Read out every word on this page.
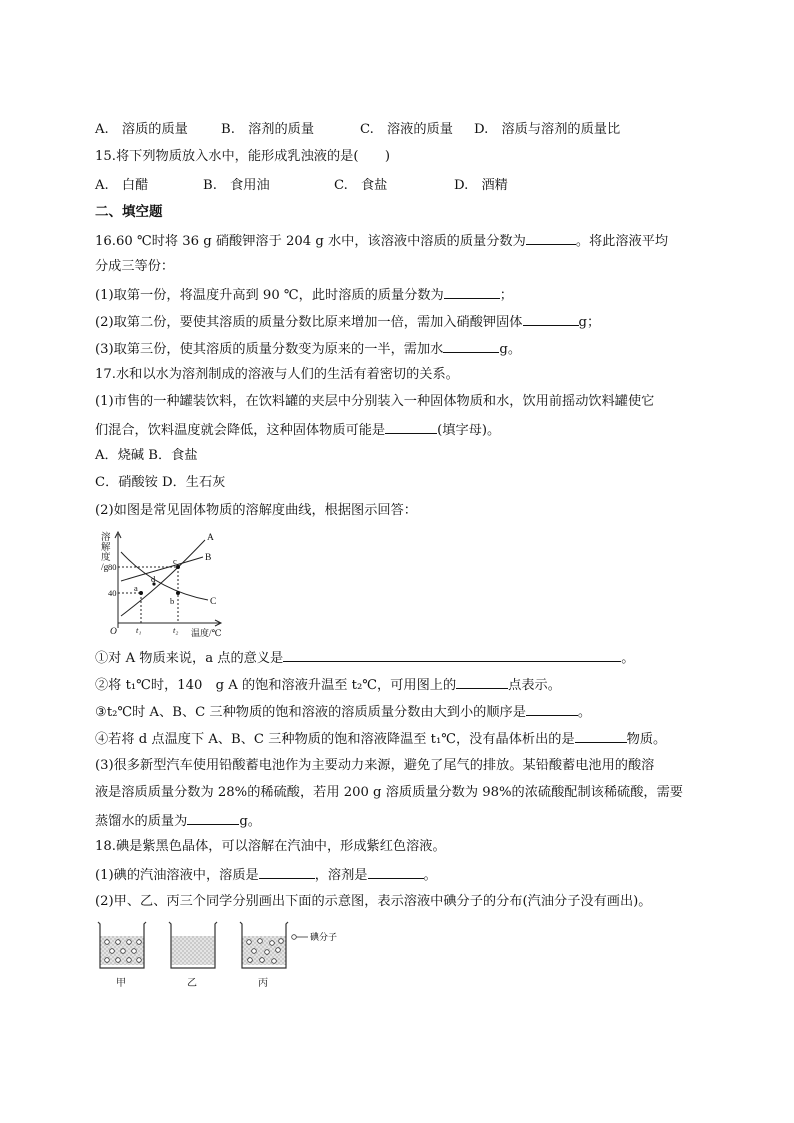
A.　溶质的质量	B.　溶剂的质量	C.　溶液的质量 D.　溶质与溶剂的质量比
15.将下列物质放入水中，能形成乳浊液的是(　　)
A.　白醋	B.　食用油	C.　食盐	D.　酒精
二、填空题
16.60 ℃时将 36 g 硝酸钾溶于 204 g 水中，该溶液中溶质的质量分数为	。将此溶液平均
分成三等份：
(1)取第一份，将温度升高到 90 ℃，此时溶质的质量分数为	；
(2)取第二份，要使其溶质的质量分数比原来增加一倍，需加入硝酸钾固体	g；
(3)取第三份，使其溶质的质量分数变为原来的一半，需加水	g。
17.水和以水为溶剂制成的溶液与人们的生活有着密切的关系。
(1)市售的一种罐装饮料，在饮料罐的夹层中分别装入一种固体物质和水，饮用前摇动饮料罐使它
们混合，饮料温度就会降低，这种固体物质可能是	(填字母)。
A．烧碱 B．食盐
C．硝酸铵 D．生石灰
(2)如图是常见固体物质的溶解度曲线，根据图示回答：
溶
解
度
/g 80
40
O t₁	t₂ 温度/℃
A
B
C
a
b
c
d
①对 A 物质来说，a 点的意义是	。
②将 t₁℃时，140　g A 的饱和溶液升温至 t₂℃，可用图上的	点表示。
③t₂℃时 A、B、C 三种物质的饱和溶液的溶质质量分数由大到小的顺序是	。
④若将 d 点温度下 A、B、C 三种物质的饱和溶液降温至 t₁℃，没有晶体析出的是	物质。
(3)很多新型汽车使用铅酸蓄电池作为主要动力来源，避免了尾气的排放。某铅酸蓄电池用的酸溶
液是溶质质量分数为 28%的稀硫酸，若用 200 g 溶质质量分数为 98%的浓硫酸配制该稀硫酸，需要
蒸馏水的质量为	g。
18.碘是紫黑色晶体，可以溶解在汽油中，形成紫红色溶液。
(1)碘的汽油溶液中，溶质是	，溶剂是	。
(2)甲、乙、丙三个同学分别画出下面的示意图，表示溶液中碘分子的分布(汽油分子没有画出)。
碘分子
甲	乙	丙
